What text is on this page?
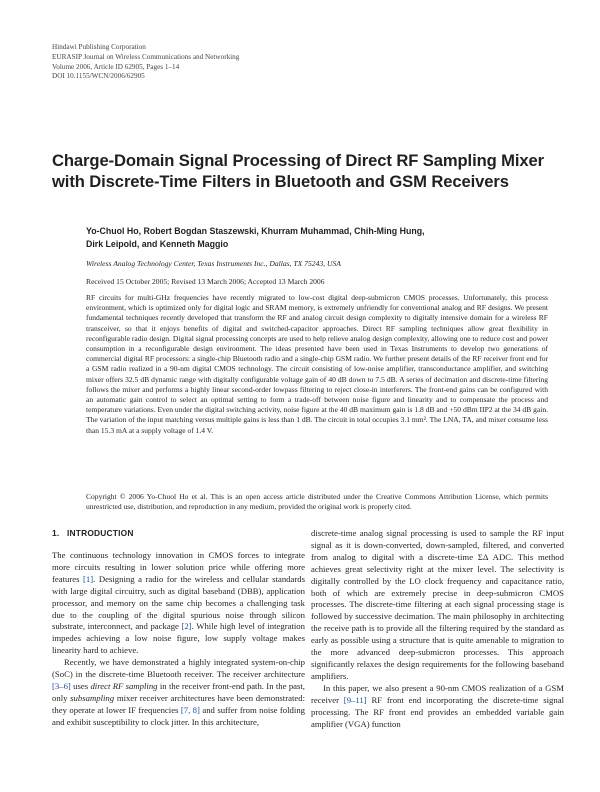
Hindawi Publishing Corporation
EURASIP Journal on Wireless Communications and Networking
Volume 2006, Article ID 62905, Pages 1–14
DOI 10.1155/WCN/2006/62905
Charge-Domain Signal Processing of Direct RF Sampling Mixer
with Discrete-Time Filters in Bluetooth and GSM Receivers
Yo-Chuol Ho, Robert Bogdan Staszewski, Khurram Muhammad, Chih-Ming Hung,
Dirk Leipold, and Kenneth Maggio
Wireless Analog Technology Center, Texas Instruments Inc., Dallas, TX 75243, USA
Received 15 October 2005; Revised 13 March 2006; Accepted 13 March 2006

RF circuits for multi-GHz frequencies have recently migrated to low-cost digital deep-submicron CMOS processes. Unfortunately, this process environment, which is optimized only for digital logic and SRAM memory, is extremely unfriendly for conventional analog and RF designs. We present fundamental techniques recently developed that transform the RF and analog circuit design complexity to digitally intensive domain for a wireless RF transceiver, so that it enjoys benefits of digital and switched-capacitor approaches. Direct RF sampling techniques allow great flexibility in reconfigurable radio design. Digital signal processing concepts are used to help relieve analog design complexity, allowing one to reduce cost and power consumption in a reconfigurable design environment. The ideas presented have been used in Texas Instruments to develop two generations of commercial digital RF processors: a single-chip Bluetooth radio and a single-chip GSM radio. We further present details of the RF receiver front end for a GSM radio realized in a 90-nm digital CMOS technology. The circuit consisting of low-noise amplifier, transconductance amplifier, and switching mixer offers 32.5 dB dynamic range with digitally configurable voltage gain of 40 dB down to 7.5 dB. A series of decimation and discrete-time filtering follows the mixer and performs a highly linear second-order lowpass filtering to reject close-in interferers. The front-end gains can be configured with an automatic gain control to select an optimal setting to form a trade-off between noise figure and linearity and to compensate the process and temperature variations. Even under the digital switching activity, noise figure at the 40 dB maximum gain is 1.8 dB and +50 dBm IIP2 at the 34 dB gain. The variation of the input matching versus multiple gains is less than 1 dB. The circuit in total occupies 3.1 mm². The LNA, TA, and mixer consume less than 15.3 mA at a supply voltage of 1.4 V.

Copyright © 2006 Yo-Chuol Ho et al. This is an open access article distributed under the Creative Commons Attribution License, which permits unrestricted use, distribution, and reproduction in any medium, provided the original work is properly cited.

1. INTRODUCTION

The continuous technology innovation in CMOS forces to integrate more circuits resulting in lower solution price while offering more features [1]. Designing a radio for the wireless and cellular standards with large digital circuitry, such as digital baseband (DBB), application processor, and memory on the same chip becomes a challenging task due to the coupling of the digital spurious noise through silicon substrate, interconnect, and package [2]. While high level of integration impedes achieving a low noise figure, low supply voltage makes linearity hard to achieve.

Recently, we have demonstrated a highly integrated system-on-chip (SoC) in the discrete-time Bluetooth receiver. The receiver architecture [3–6] uses direct RF sampling in the receiver front-end path. In the past, only subsampling mixer receiver architectures have been demonstrated: they operate at lower IF frequencies [7, 8] and suffer from noise folding and exhibit susceptibility to clock jitter. In this architecture,

discrete-time analog signal processing is used to sample the RF input signal as it is down-converted, down-sampled, filtered, and converted from analog to digital with a discrete-time ΣΔ ADC. This method achieves great selectivity right at the mixer level. The selectivity is digitally controlled by the LO clock frequency and capacitance ratio, both of which are extremely precise in deep-submicron CMOS processes. The discrete-time filtering at each signal processing stage is followed by successive decimation. The main philosophy in architecting the receive path is to provide all the filtering required by the standard as early as possible using a structure that is quite amenable to migration to the more advanced deep-submicron processes. This approach significantly relaxes the design requirements for the following baseband amplifiers.

In this paper, we also present a 90-nm CMOS realization of a GSM receiver [9–11] RF front end incorporating the discrete-time signal processing. The RF front end provides an embedded variable gain amplifier (VGA) function
